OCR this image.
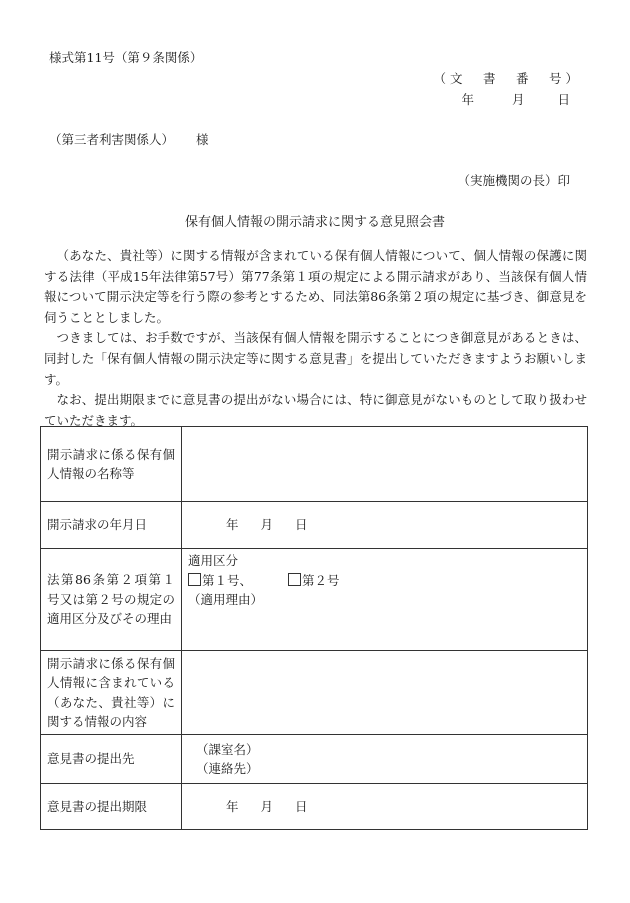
様式第11号（第９条関係）
（文　書　番　号）
年	月	日
（第三者利害関係人） 様
（実施機関の長）印
保有個人情報の開示請求に関する意見照会書

（あなた、貴社等）に関する情報が含まれている保有個人情報について、個人情報の保護に関する法律（平成15年法律第57号）第77条第１項の規定による開示請求があり、当該保有個人情報について開示決定等を行う際の参考とするため、同法第86条第２項の規定に基づき、御意見を伺うこととしました。

つきましては、お手数ですが、当該保有個人情報を開示することにつき御意見があるときは、同封した「保有個人情報の開示決定等に関する意見書」を提出していただきますようお願いします。

なお、提出期限までに意見書の提出がない場合には、特に御意見がないものとして取り扱わせていただきます。

開示請求に係る保有個人情報の名称等	
開示請求の年月日	年 月 日

法第86条第２項第１号又は第２号の規定の適用区分及びその理由	適用区分
第１号、 第２号
（適用理由）

開示請求に係る保有個人情報に含まれている（あなた、貴社等）に関する情報の内容	
意見書の提出先	（課室名）
（連絡先）

意見書の提出期限	年 月 日
